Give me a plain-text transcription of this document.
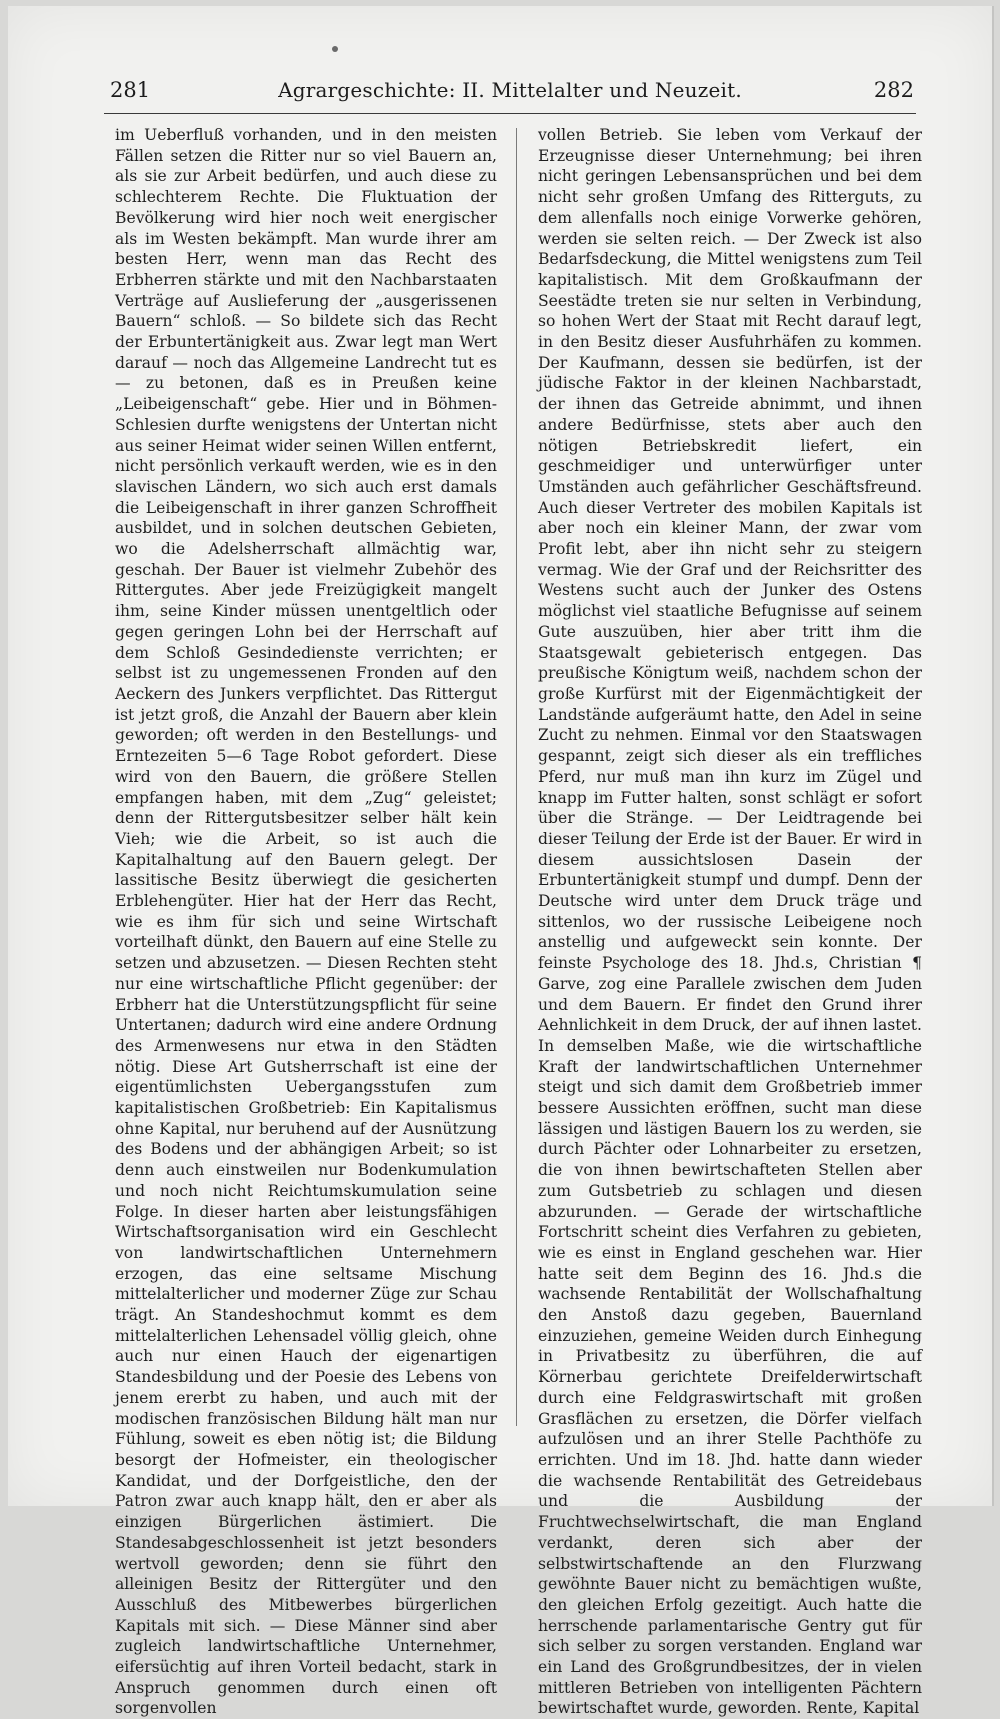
281	Agrargeschichte: II. Mittelalter und Neuzeit.	282

im Ueberfluß vorhanden, und in den meisten Fällen setzen die Ritter nur so viel Bauern an, als sie zur Arbeit bedürfen, und auch diese zu schlechterem Rechte. Die Fluktuation der Bevölkerung wird hier noch weit energischer als im Westen bekämpft. Man wurde ihrer am besten Herr, wenn man das Recht des Erbherren stärkte und mit den Nachbarstaaten Verträge auf Auslieferung der „ausgerissenen Bauern“ schloß. — So bildete sich das Recht der Erbuntertänigkeit aus. Zwar legt man Wert darauf — noch das Allgemeine Landrecht tut es — zu betonen, daß es in Preußen keine „Leibeigenschaft“ gebe. Hier und in Böhmen-Schlesien durfte wenigstens der Untertan nicht aus seiner Heimat wider seinen Willen entfernt, nicht persönlich verkauft werden, wie es in den slavischen Ländern, wo sich auch erst damals die Leibeigenschaft in ihrer ganzen Schroffheit ausbildet, und in solchen deutschen Gebieten, wo die Adelsherrschaft allmächtig war, geschah. Der Bauer ist vielmehr Zubehör des Rittergutes. Aber jede Freizügigkeit mangelt ihm, seine Kinder müssen unentgeltlich oder gegen geringen Lohn bei der Herrschaft auf dem Schloß Gesindedienste verrichten; er selbst ist zu ungemessenen Fronden auf den Aeckern des Junkers verpflichtet. Das Rittergut ist jetzt groß, die Anzahl der Bauern aber klein geworden; oft werden in den Bestellungs- und Erntezeiten 5—6 Tage Robot gefordert. Diese wird von den Bauern, die größere Stellen empfangen haben, mit dem „Zug“ geleistet; denn der Rittergutsbesitzer selber hält kein Vieh; wie die Arbeit, so ist auch die Kapitalhaltung auf den Bauern gelegt. Der lassitische Besitz überwiegt die gesicherten Erblehengüter. Hier hat der Herr das Recht, wie es ihm für sich und seine Wirtschaft vorteilhaft dünkt, den Bauern auf eine Stelle zu setzen und abzusetzen. — Diesen Rechten steht nur eine wirtschaftliche Pflicht gegenüber: der Erbherr hat die Unterstützungspflicht für seine Untertanen; dadurch wird eine andere Ordnung des Armenwesens nur etwa in den Städten nötig. Diese Art Gutsherrschaft ist eine der eigentümlichsten Uebergangsstufen zum kapitalistischen Großbetrieb: Ein Kapitalismus ohne Kapital, nur beruhend auf der Ausnützung des Bodens und der abhängigen Arbeit; so ist denn auch einstweilen nur Bodenkumulation und noch nicht Reichtumskumulation seine Folge. In dieser harten aber leistungsfähigen Wirtschaftsorganisation wird ein Geschlecht von landwirtschaftlichen Unternehmern erzogen, das eine seltsame Mischung mittelalterlicher und moderner Züge zur Schau trägt. An Standeshochmut kommt es dem mittelalterlichen Lehensadel völlig gleich, ohne auch nur einen Hauch der eigenartigen Standesbildung und der Poesie des Lebens von jenem ererbt zu haben, und auch mit der modischen französischen Bildung hält man nur Fühlung, soweit es eben nötig ist; die Bildung besorgt der Hofmeister, ein theologischer Kandidat, und der Dorfgeistliche, den der Patron zwar auch knapp hält, den er aber als einzigen Bürgerlichen ästimiert. Die Standesabgeschlossenheit ist jetzt besonders wertvoll geworden; denn sie führt den alleinigen Besitz der Rittergüter und den Ausschluß des Mitbewerbes bürgerlichen Kapitals mit sich. — Diese Männer sind aber zugleich landwirtschaftliche Unternehmer, eifersüchtig auf ihren Vorteil bedacht, stark in Anspruch genommen durch einen oft sorgenvollen

vollen Betrieb. Sie leben vom Verkauf der Erzeugnisse dieser Unternehmung; bei ihren nicht geringen Lebensansprüchen und bei dem nicht sehr großen Umfang des Ritterguts, zu dem allenfalls noch einige Vorwerke gehören, werden sie selten reich. — Der Zweck ist also Bedarfsdeckung, die Mittel wenigstens zum Teil kapitalistisch. Mit dem Großkaufmann der Seestädte treten sie nur selten in Verbindung, so hohen Wert der Staat mit Recht darauf legt, in den Besitz dieser Ausfuhrhäfen zu kommen. Der Kaufmann, dessen sie bedürfen, ist der jüdische Faktor in der kleinen Nachbarstadt, der ihnen das Getreide abnimmt, und ihnen andere Bedürfnisse, stets aber auch den nötigen Betriebskredit liefert, ein geschmeidiger und unterwürfiger unter Umständen auch gefährlicher Geschäftsfreund. Auch dieser Vertreter des mobilen Kapitals ist aber noch ein kleiner Mann, der zwar vom Profit lebt, aber ihn nicht sehr zu steigern vermag. Wie der Graf und der Reichsritter des Westens sucht auch der Junker des Ostens möglichst viel staatliche Befugnisse auf seinem Gute auszuüben, hier aber tritt ihm die Staatsgewalt gebieterisch entgegen. Das preußische Königtum weiß, nachdem schon der große Kurfürst mit der Eigenmächtigkeit der Landstände aufgeräumt hatte, den Adel in seine Zucht zu nehmen. Einmal vor den Staatswagen gespannt, zeigt sich dieser als ein treffliches Pferd, nur muß man ihn kurz im Zügel und knapp im Futter halten, sonst schlägt er sofort über die Stränge. — Der Leidtragende bei dieser Teilung der Erde ist der Bauer. Er wird in diesem aussichtslosen Dasein der Erbuntertänigkeit stumpf und dumpf. Denn der Deutsche wird unter dem Druck träge und sittenlos, wo der russische Leibeigene noch anstellig und aufgeweckt sein konnte. Der feinste Psychologe des 18. Jhd.s, Christian ¶ Garve, zog eine Parallele zwischen dem Juden und dem Bauern. Er findet den Grund ihrer Aehnlichkeit in dem Druck, der auf ihnen lastet. In demselben Maße, wie die wirtschaftliche Kraft der landwirtschaftlichen Unternehmer steigt und sich damit dem Großbetrieb immer bessere Aussichten eröffnen, sucht man diese lässigen und lästigen Bauern los zu werden, sie durch Pächter oder Lohnarbeiter zu ersetzen, die von ihnen bewirtschafteten Stellen aber zum Gutsbetrieb zu schlagen und diesen abzurunden. — Gerade der wirtschaftliche Fortschritt scheint dies Verfahren zu gebieten, wie es einst in England geschehen war. Hier hatte seit dem Beginn des 16. Jhd.s die wachsende Rentabilität der Wollschafhaltung den Anstoß dazu gegeben, Bauernland einzuziehen, gemeine Weiden durch Einhegung in Privatbesitz zu überführen, die auf Körnerbau gerichtete Dreifelderwirtschaft durch eine Feldgraswirtschaft mit großen Grasflächen zu ersetzen, die Dörfer vielfach aufzulösen und an ihrer Stelle Pachthöfe zu errichten. Und im 18. Jhd. hatte dann wieder die wachsende Rentabilität des Getreidebaus und die Ausbildung der Fruchtwechselwirtschaft, die man England verdankt, deren sich aber der selbstwirtschaftende an den Flurzwang gewöhnte Bauer nicht zu bemächtigen wußte, den gleichen Erfolg gezeitigt. Auch hatte die herrschende parlamentarische Gentry gut für sich selber zu sorgen verstanden. England war ein Land des Großgrundbesitzes, der in vielen mittleren Betrieben von intelligenten Pächtern bewirtschaftet wurde, geworden. Rente, Kapital
